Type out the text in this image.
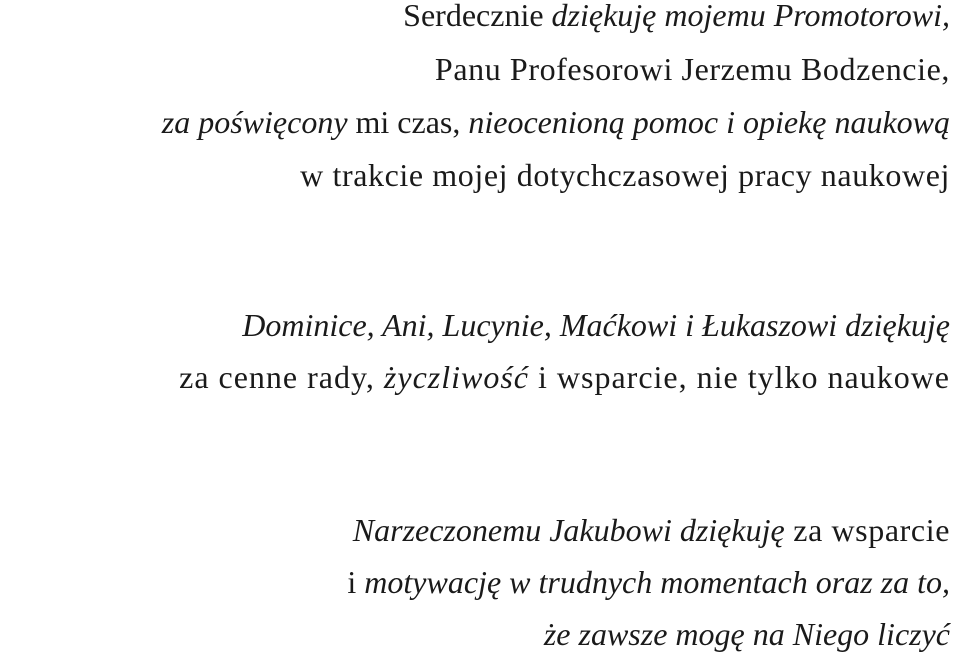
Serdecznie dziękuję mojemu Promotorowi,
Panu Profesorowi Jerzemu Bodzencie,
za poświęcony mi czas, nieocenioną pomoc i opiekę naukową
w trakcie mojej dotychczasowej pracy naukowej
Dominice, Ani, Lucynie, Maćkowi i Łukaszowi dziękuję
za cenne rady, życzliwość i wsparcie, nie tylko naukowe
Narzeczonemu Jakubowi dziękuję za wsparcie
i motywację w trudnych momentach oraz za to,
że zawsze mogę na Niego liczyć
